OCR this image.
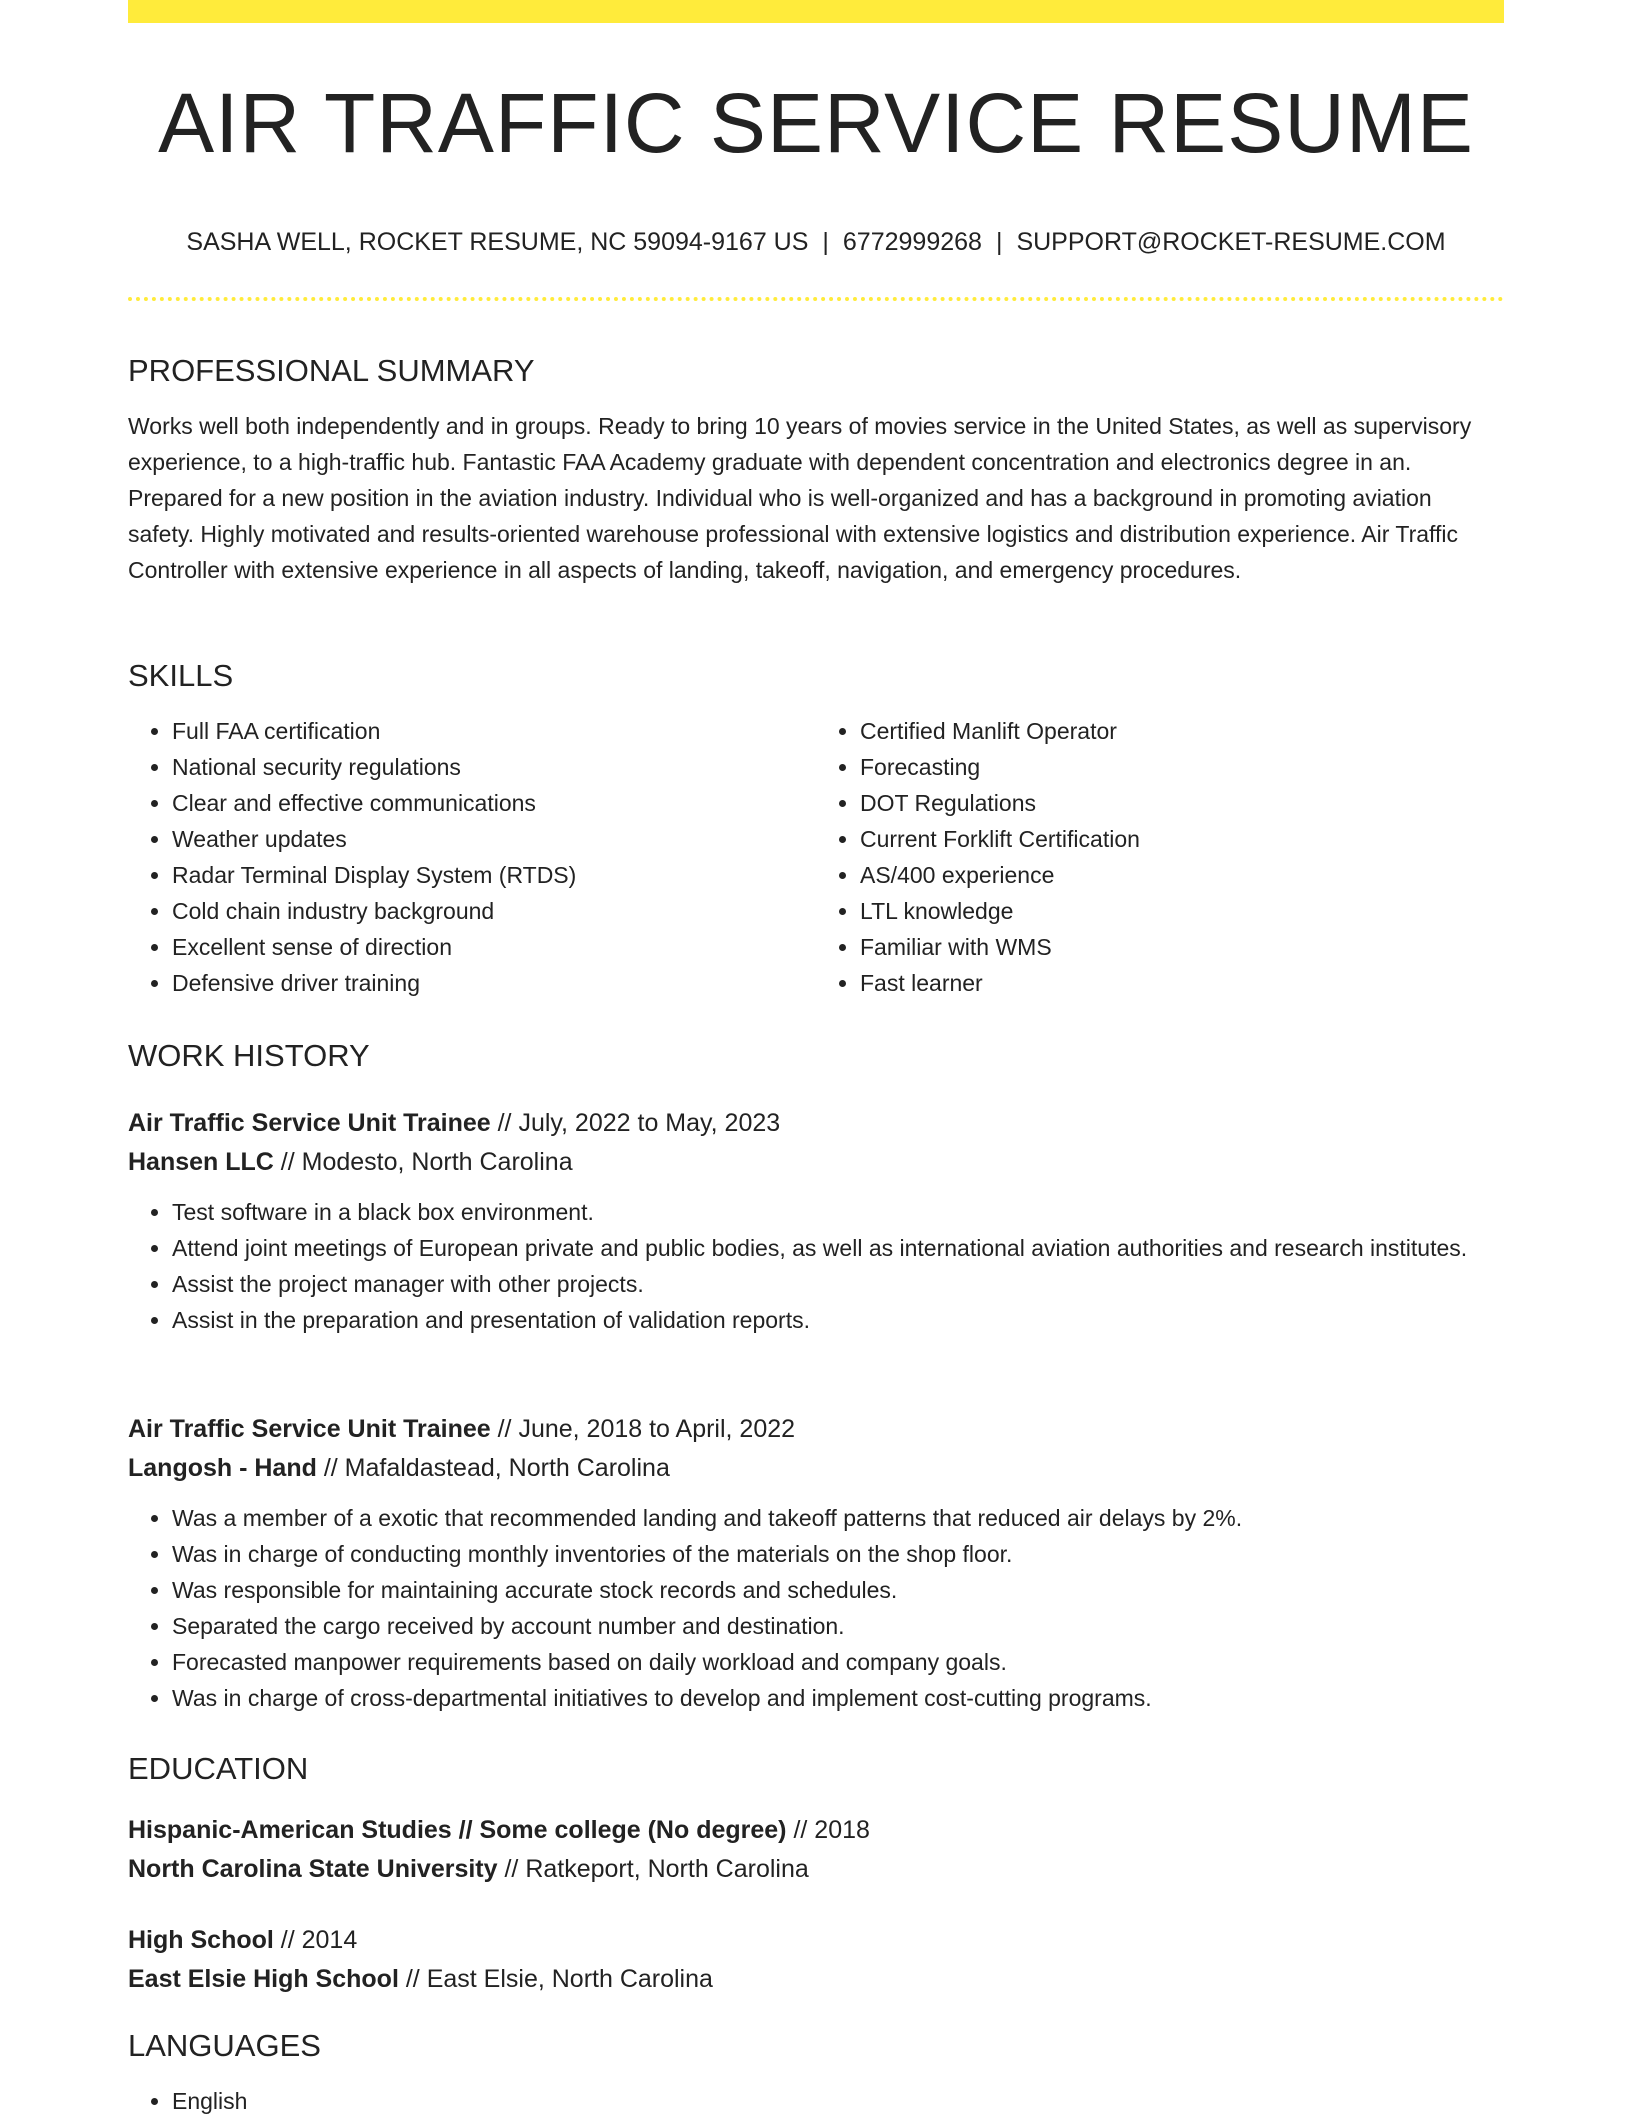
AIR TRAFFIC SERVICE RESUME
SASHA WELL, ROCKET RESUME, NC 59094-9167 US | 6772999268 | SUPPORT@ROCKET-RESUME.COM
PROFESSIONAL SUMMARY

Works well both independently and in groups. Ready to bring 10 years of movies service in the United States, as well as supervisory experience, to a high-traffic hub. Fantastic FAA Academy graduate with dependent concentration and electronics degree in an. Prepared for a new position in the aviation industry. Individual who is well-organized and has a background in promoting aviation safety. Highly motivated and results-oriented warehouse professional with extensive logistics and distribution experience. Air Traffic Controller with extensive experience in all aspects of landing, takeoff, navigation, and emergency procedures.

SKILLS
• Full FAA certification
• National security regulations
• Clear and effective communications
• Weather updates
• Radar Terminal Display System (RTDS)
• Cold chain industry background
• Excellent sense of direction
• Defensive driver training
• Certified Manlift Operator
• Forecasting
• DOT Regulations
• Current Forklift Certification
• AS/400 experience
• LTL knowledge
• Familiar with WMS
• Fast learner
WORK HISTORY
Air Traffic Service Unit Trainee // July, 2022 to May, 2023
Hansen LLC // Modesto, North Carolina
• Test software in a black box environment.
• Attend joint meetings of European private and public bodies, as well as international aviation authorities and research institutes.
• Assist the project manager with other projects.
• Assist in the preparation and presentation of validation reports.
Air Traffic Service Unit Trainee // June, 2018 to April, 2022
Langosh - Hand // Mafaldastead, North Carolina
• Was a member of a exotic that recommended landing and takeoff patterns that reduced air delays by 2%.
• Was in charge of conducting monthly inventories of the materials on the shop floor.
• Was responsible for maintaining accurate stock records and schedules.
• Separated the cargo received by account number and destination.
• Forecasted manpower requirements based on daily workload and company goals.
• Was in charge of cross-departmental initiatives to develop and implement cost-cutting programs.
EDUCATION
Hispanic-American Studies // Some college (No degree) // 2018
North Carolina State University // Ratkeport, North Carolina
High School // 2014
East Elsie High School // East Elsie, North Carolina
LANGUAGES
• English
